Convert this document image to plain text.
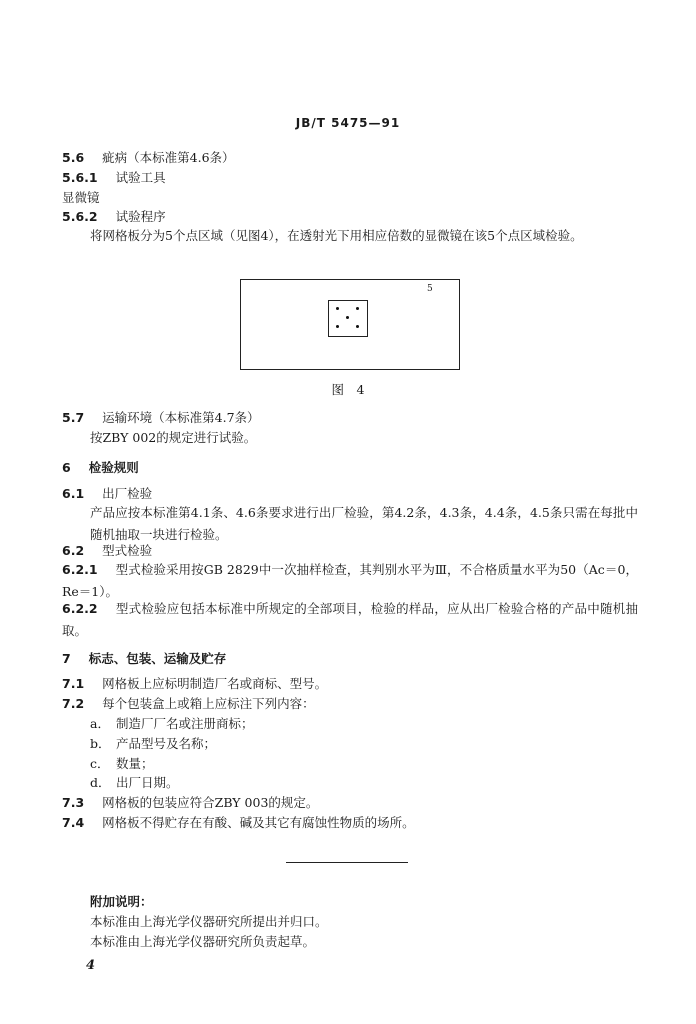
JB/T 5475—91
5.6 疵病（本标准第4.6条）
5.6.1 试验工具
显微镜
5.6.2 试验程序
将网格板分为5个点区域（见图4），在透射光下用相应倍数的显微镜在该5个点区域检验。
5
图　4
5.7 运输环境（本标准第4.7条）
按ZBY 002的规定进行试验。
6 检验规则
6.1 出厂检验
产品应按本标准第4.1条、4.6条要求进行出厂检验，第4.2条，4.3条，4.4条，4.5条只需在每批中随机抽取一块进行检验。
6.2 型式检验
6.2.1 型式检验采用按GB 2829中一次抽样检查，其判别水平为Ⅲ，不合格质量水平为50（Ac＝0，Re＝1）。
6.2.2 型式检验应包括本标准中所规定的全部项目，检验的样品，应从出厂检验合格的产品中随机抽取。
7 标志、包装、运输及贮存
7.1 网格板上应标明制造厂名或商标、型号。
7.2 每个包装盒上或箱上应标注下列内容：
a． 制造厂厂名或注册商标；
b． 产品型号及名称；
c． 数量；
d． 出厂日期。
7.3 网格板的包装应符合ZBY 003的规定。
7.4 网格板不得贮存在有酸、碱及其它有腐蚀性物质的场所。
附加说明：
本标准由上海光学仪器研究所提出并归口。
本标准由上海光学仪器研究所负责起草。
4
